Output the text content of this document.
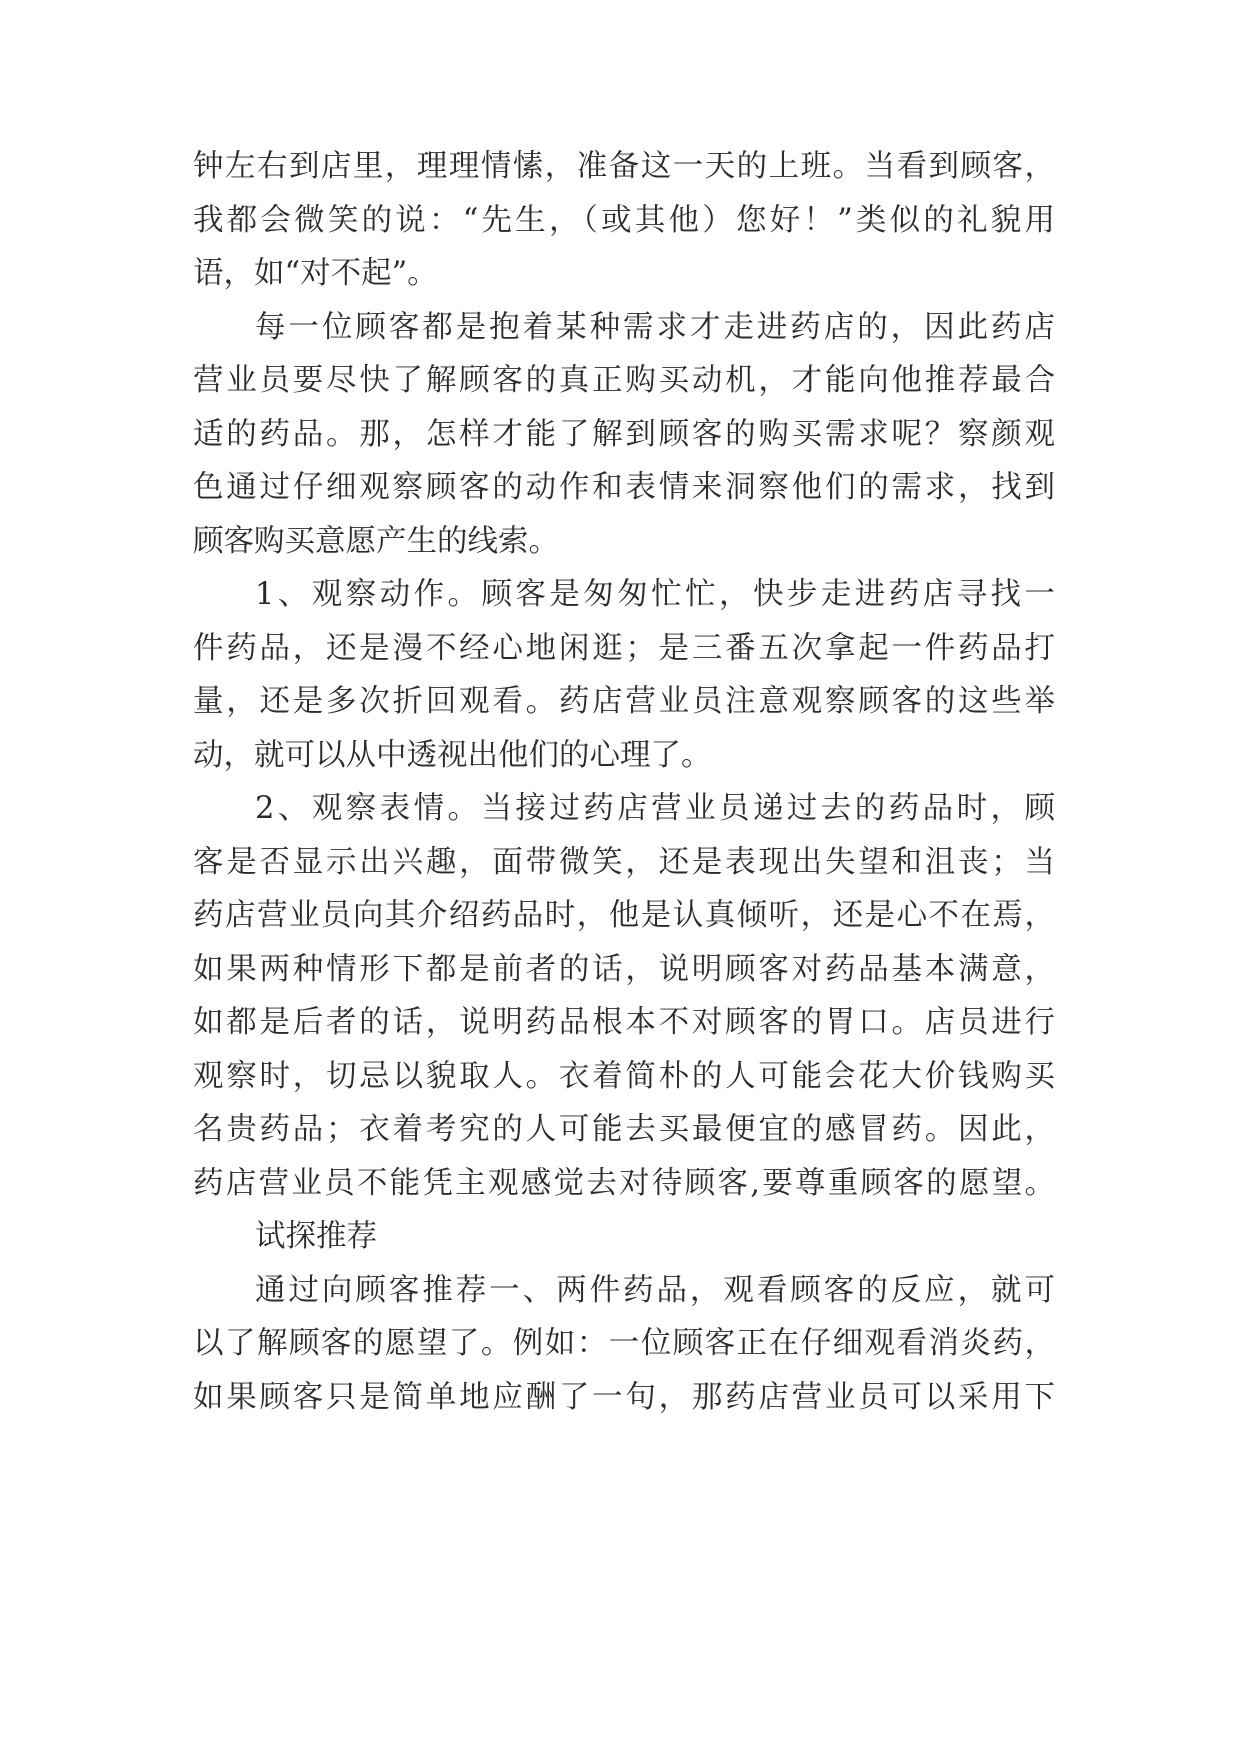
钟左右到店里，理理情愫，准备这一天的上班。当看到顾客，
我都会微笑的说：“先生，（或其他）您好！”类似的礼貌用
语，如“对不起”。
每一位顾客都是抱着某种需求才走进药店的，因此药店
营业员要尽快了解顾客的真正购买动机，才能向他推荐最合
适的药品。那，怎样才能了解到顾客的购买需求呢？察颜观
色通过仔细观察顾客的动作和表情来洞察他们的需求，找到
顾客购买意愿产生的线索。
1、观察动作。顾客是匆匆忙忙，快步走进药店寻找一
件药品，还是漫不经心地闲逛；是三番五次拿起一件药品打
量，还是多次折回观看。药店营业员注意观察顾客的这些举
动，就可以从中透视出他们的心理了。
2、观察表情。当接过药店营业员递过去的药品时，顾
客是否显示出兴趣，面带微笑，还是表现出失望和沮丧；当
药店营业员向其介绍药品时，他是认真倾听，还是心不在焉，
如果两种情形下都是前者的话，说明顾客对药品基本满意，
如都是后者的话，说明药品根本不对顾客的胃口。店员进行
观察时，切忌以貌取人。衣着简朴的人可能会花大价钱购买
名贵药品；衣着考究的人可能去买最便宜的感冒药。因此，
药店营业员不能凭主观感觉去对待顾客,要尊重顾客的愿望。
试探推荐
通过向顾客推荐一、两件药品，观看顾客的反应，就可
以了解顾客的愿望了。例如：一位顾客正在仔细观看消炎药，
如果顾客只是简单地应酬了一句，那药店营业员可以采用下
